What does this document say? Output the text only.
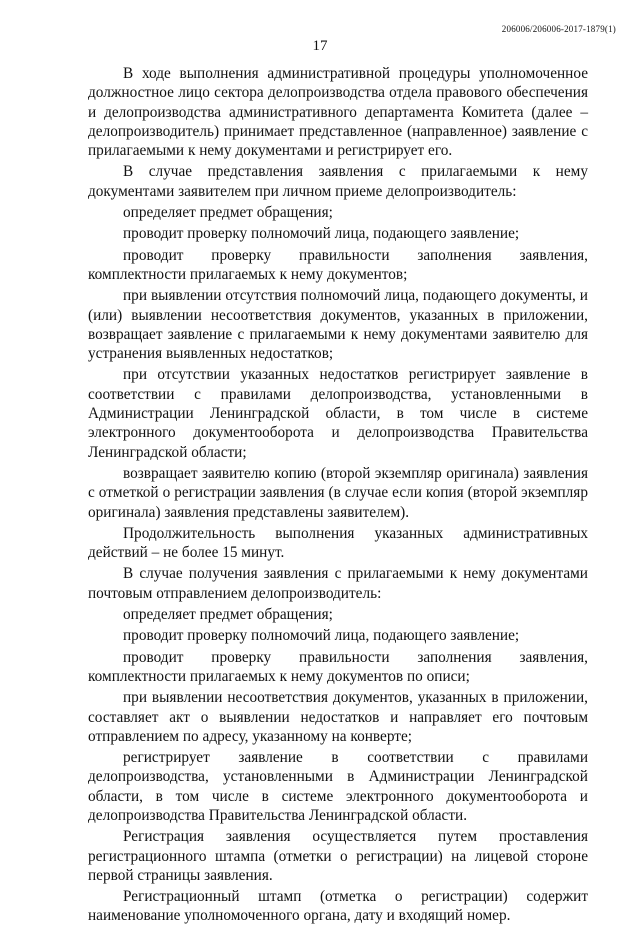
206006/206006-2017-1879(1)
17

В ходе выполнения административной процедуры уполномоченное должностное лицо сектора делопроизводства отдела правового обеспечения и делопроизводства административного департамента Комитета (далее – делопроизводитель) принимает представленное (направленное) заявление с прилагаемыми к нему документами и регистрирует его.

В случае представления заявления с прилагаемыми к нему документами заявителем при личном приеме делопроизводитель:

определяет предмет обращения;

проводит проверку полномочий лица, подающего заявление;

проводит проверку правильности заполнения заявления, комплектности прилагаемых к нему документов;

при выявлении отсутствия полномочий лица, подающего документы, и (или) выявлении несоответствия документов, указанных в приложении, возвращает заявление с прилагаемыми к нему документами заявителю для устранения выявленных недостатков;

при отсутствии указанных недостатков регистрирует заявление в соответствии с правилами делопроизводства, установленными в Администрации Ленинградской области, в том числе в системе электронного документооборота и делопроизводства Правительства Ленинградской области;

возвращает заявителю копию (второй экземпляр оригинала) заявления с отметкой о регистрации заявления (в случае если копия (второй экземпляр оригинала) заявления представлены заявителем).

Продолжительность выполнения указанных административных действий – не более 15 минут.

В случае получения заявления с прилагаемыми к нему документами почтовым отправлением делопроизводитель:

определяет предмет обращения;

проводит проверку полномочий лица, подающего заявление;

проводит проверку правильности заполнения заявления, комплектности прилагаемых к нему документов по описи;

при выявлении несоответствия документов, указанных в приложении, составляет акт о выявлении недостатков и направляет его почтовым отправлением по адресу, указанному на конверте;

регистрирует заявление в соответствии с правилами делопроизводства, установленными в Администрации Ленинградской области, в том числе в системе электронного документооборота и делопроизводства Правительства Ленинградской области.

Регистрация заявления осуществляется путем проставления регистрационного штампа (отметки о регистрации) на лицевой стороне первой страницы заявления.

Регистрационный штамп (отметка о регистрации) содержит наименование уполномоченного органа, дату и входящий номер.
